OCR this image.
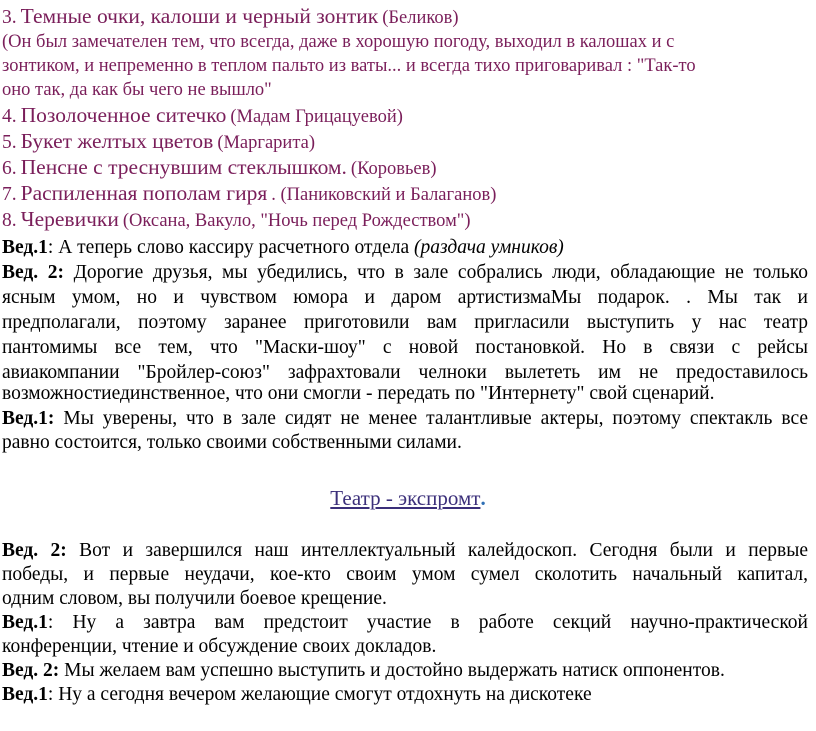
3. Темные очки, калоши и черный зонтик (Беликов)
(Он был замечателен тем, что всегда, даже в хорошую погоду, выходил в калошах и с
зонтиком, и непременно в теплом пальто из ваты... и всегда тихо приговаривал : "Так-то
оно так, да как бы чего не вышло"
4. Позолоченное ситечко (Мадам Грицацуевой)
5. Букет желтых цветов (Маргарита)
6. Пенсне с треснувшим стеклышком. (Коровьев)
7. Распиленная пополам гиря . (Паниковский и Балаганов)
8. Черевички (Оксана, Вакуло, "Ночь перед Рождеством")
Вед.1: А теперь слово кассиру расчетного отдела (раздача умников)
Вед. 2: Дорогие друзья, мы убедились, что в зале собрались люди, обладающие не только
ясным умом, но и чувством юмора и даром артистизмаМы подарок. . Мы так и
предполагали, поэтому заранее приготовили вам пригласили выступить у нас театр
пантомимы все тем, что "Маски-шоу" с новой постановкой. Но в связи с рейсы
авиакомпании "Бройлер-союз" зафрахтовали челноки вылететь им не предоставилось
возможностиединственное, что они смогли - передать по "Интернету" свой сценарий.
Вед.1: Мы уверены, что в зале сидят не менее талантливые актеры, поэтому спектакль все
равно состоится, только своими собственными силами.
Театр - экспромт.
Вед. 2: Вот и завершился наш интеллектуальный калейдоскоп. Сегодня были и первые
победы, и первые неудачи, кое-кто своим умом сумел сколотить начальный капитал,
одним словом, вы получили боевое крещение.
Вед.1: Ну а завтра вам предстоит участие в работе секций научно-практической
конференции, чтение и обсуждение своих докладов.
Вед. 2: Мы желаем вам успешно выступить и достойно выдержать натиск оппонентов.
Вед.1: Ну а сегодня вечером желающие смогут отдохнуть на дискотеке
